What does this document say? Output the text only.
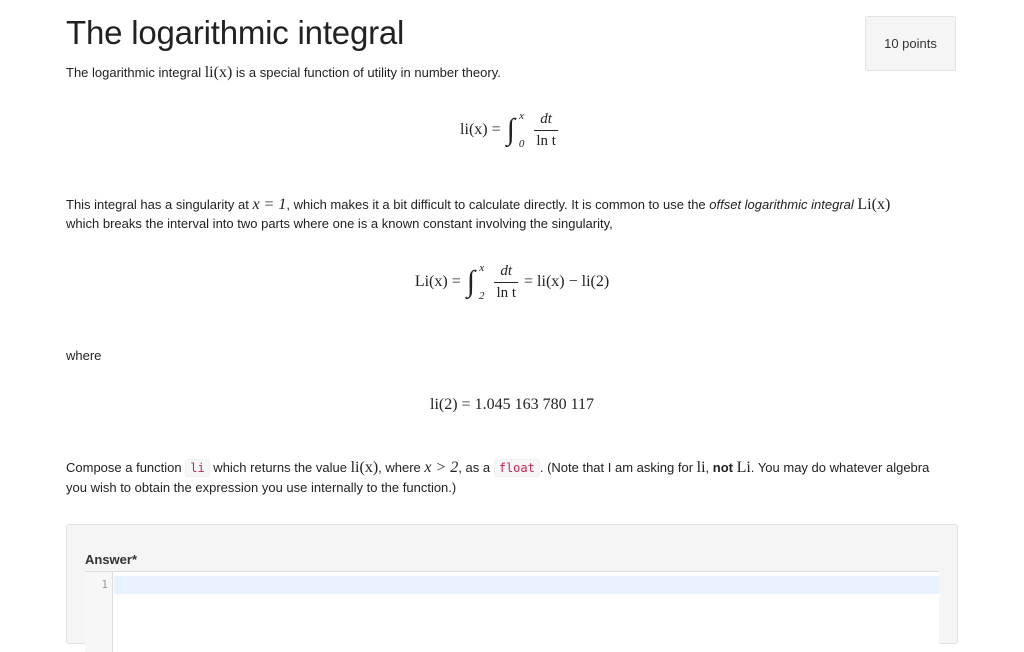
The logarithmic integral	10 points
The logarithmic integral li(x) is a special function of utility in number theory.
li(x) = ∫ x
$0 \frac{dt}{\text{ln t}}$
This integral has a singularity at x = 1, which makes it a bit difficult to calculate directly. It is common to use the offset logarithmic integral Li(x)
which breaks the interval into two parts where one is a known constant involving the singularity,
Li(x) = ∫ x
$2 \frac{dt}{\text{ln t}} = li(x) - li(2)$
where
li(2) = 1.045 163 780 117
Compose a function li which returns the value li(x), where x > 2, as a float . (Note that I am asking for li, not Li. You may do whatever algebra
you wish to obtain the expression you use internally to the function.)
Answer*
1
